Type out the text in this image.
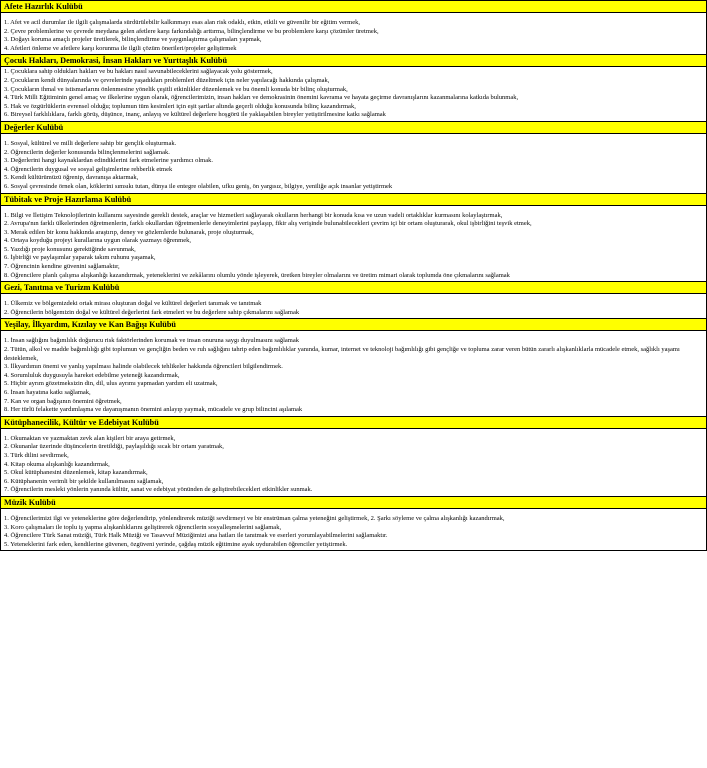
Afete Hazırlık Kulübü
1. Afet ve acil durumlar ile ilgili çalışmalarda sürdürülebilir kalkınmayı esas alan risk odaklı, etkin, etkili ve güvenilir bir eğitim vermek,
2. Çevre problemlerine ve çevrede meydana gelen afetlere karşı farkındalığı arttırma, bilinçlendirme ve bu problemlere karşı çözümler üretmek,
3. Doğayı koruma amaçlı projeler üretilerek, bilinçlendirme ve yaygınlaştırma çalışmaları yapmak,
4. Afetleri önleme ve afetlere karşı korunma ile ilgili çözüm önerileri/projeler geliştirmek
Çocuk Hakları, Demokrasi, İnsan Hakları ve Yurttaşlık Kulübü
1. Çocuklara sahip oldukları hakları ve bu hakları nasıl savunabileceklerini sağlayacak yolu göstermek,
2. Çocukların kendi dünyalarında ve çevrelerinde yaşadıkları problemleri düzeltmek için neler yapılacağı hakkında çalışmak,
3. Çocukların ihmal ve istismarlarını önlenmesine yönelik çeşitli etkinlikler düzenlemek ve bu önemli konuda bir bilinç oluşturmak,
4. Türk Milli Eğitiminin genel amaç ve ilkelerine uygun olarak, öğrencilerimizin, insan hakları ve demokrasinin önemini kavrama ve hayata geçirme davranışlarını kazanmalarına katkıda bulunmak,
5. Hak ve özgürlüklerin evrensel olduğu; toplumun tüm kesimleri için eşit şartlar altında geçerli olduğu konusunda bilinç kazandırmak,
6. Bireysel farklılıklara, farklı görüş, düşünce, inanç, anlayış ve kültürel değerlere hoşgörü ile yaklaşabilen bireyler yetiştirilmesine katkı sağlamak
Değerler Kulübü
1. Sosyal, kültürel ve milli değerlere sahip bir gençlik oluşturmak.
2. Öğrencilerin değerler konusunda bilinçlenmelerini sağlamak.
3. Değerlerini hangi kaynaklardan edindiklerini fark etmelerine yardımcı olmak.
4. Öğrencilerin duygusal ve sosyal gelişimlerine rehberlik etmek
5. Kendi kültürümüzü öğrenip, davranışa aktarmak,
6. Sosyal çevresinde örnek olan, köklerini sımsıkı tutan, dünya ile entegre olabilen, ufku geniş, ön yargısız, bilgiye, yeniliğe açık insanlar yetiştirmek
Tübitak ve Proje Hazırlama Kulübü
1. Bilgi ve İletişim Teknolojilerinin kullanımı sayesinde gerekli destek, araçlar ve hizmetleri sağlayarak okulların herhangi bir konuda kısa ve uzun vadeli ortaklıklar kurmasını kolaylaştırmak,
2. Avrupa'nın farklı ülkelerinden öğretmenlerin, farklı okullardan öğretmenlerle deneyimlerini paylaşıp, fikir alış verişinde bulunabilecekleri çevrim içi bir ortam oluşturarak, okul işbirliğini teşvik etmek,
3. Merak edilen bir konu hakkında araştırıp, deney ve gözlemlerde bulunarak, proje oluşturmak,
4. Ortaya koyduğu projeyi kurallarına uygun olarak yazmayı öğrenmek,
5. Yazdığı proje konusunu gerektiğinde savunmak,
6. İşbirliği ve paylaşımlar yaparak takım ruhunu yaşamak,
7. Öğrencinin kendine güvenini sağlamaktır,
8. Öğrencilere planlı çalışma alışkanlığı kazandırmak, yeteneklerini ve zekâlarını olumlu yönde işleyerek, üretken bireyler olmalarını ve üretim mimari olarak toplumda öne çıkmalarını sağlamak
Gezi, Tanıtma ve Turizm Kulübü
1. Ülkemiz ve bölgemizdeki ortak mirası oluşturan doğal ve kültürel değerleri tanımak ve tanıtmak
2. Öğrencilerin bölgemizin doğal ve kültürel değerlerini fark etmeleri ve bu değerlere sahip çıkmalarını sağlamak
Yeşilay, İlkyardım, Kızılay ve Kan Bağışı Kulübü
1. İnsan sağlığını bağımlılık doğurucu risk faktörlerinden korumak ve insan onuruna saygı duyulmasını sağlamak
2. Tütün, alkol ve madde bağımlılığı gibi toplumun ve gençliğin beden ve ruh sağlığını tahrip eden bağımlılıklar yanında, kumar, internet ve teknoloji bağımlılığı gibi gençliğe ve topluma zarar veren bütün zararlı alışkanlıklarla mücadele etmek, sağlıklı yaşamı desteklemek,
3. İlkyardımın önemi ve yanlış yapılması halinde olabilecek tehlikeler hakkında öğrencileri bilgilendirmek.
4. Sorumluluk duygusuyla hareket edebilme yeteneği kazandırmak,
5. Hiçbir ayrım gözetmeksizin din, dil, ulus ayrımı yapmadan yardım eli uzatmak,
6. İnsan hayatına katkı sağlamak,
7. Kan ve organ bağışının önemini öğretmek,
8. Her türlü felakette yardımlaşma ve dayanışmanın önemini anlayıp yaymak, mücadele ve grup bilincini aşılamak
Kütüphanecilik, Kültür ve Edebiyat Kulübü
1. Okumaktan ve yazmaktan zevk alan kişileri bir araya getirmek,
2. Okunanlar üzerinde düşüncelerin üretildiği, paylaşıldığı sıcak bir ortam yaratmak,
3. Türk dilini sevdirmek,
4. Kitap okuma alışkanlığı kazandırmak,
5. Okul kütüphanesini düzenlemek, kitap kazandırmak,
6. Kütüphanenin verimli bir şekilde kullanılmasını sağlamak,
7. Öğrencilerin mesleki yönlerin yanında kültür, sanat ve edebiyat yönünden de geliştirebilecekleri etkinlikler sunmak.
Müzik Kulübü
1. Öğrencilerimizi ilgi ve yeteneklerine göre değerlendirip, yönlendirerek müziği sevdirmeyi ve bir enstrüman çalma yeteneğini geliştirmek, 2. Şarkı söyleme ve çalma alışkanlığı kazandırmak,
3. Koro çalışmaları ile toplu iş yapma alışkanlıklarını geliştirerek öğrencilerin sosyalleşmelerini sağlamak,
4. Öğrencilere Türk Sanat müziği, Türk Halk Müziği ve Tasavvuf Müziğimizi ana hatları ile tanıtmak ve eserleri yorumlayabilmelerini sağlamaktır.
5. Yeteneklerini fark eden, kendilerine güvenen, özgüveni yerinde, çağdaş müzik eğitimine ayak uydurabilen öğrenciler yetiştirmek.
